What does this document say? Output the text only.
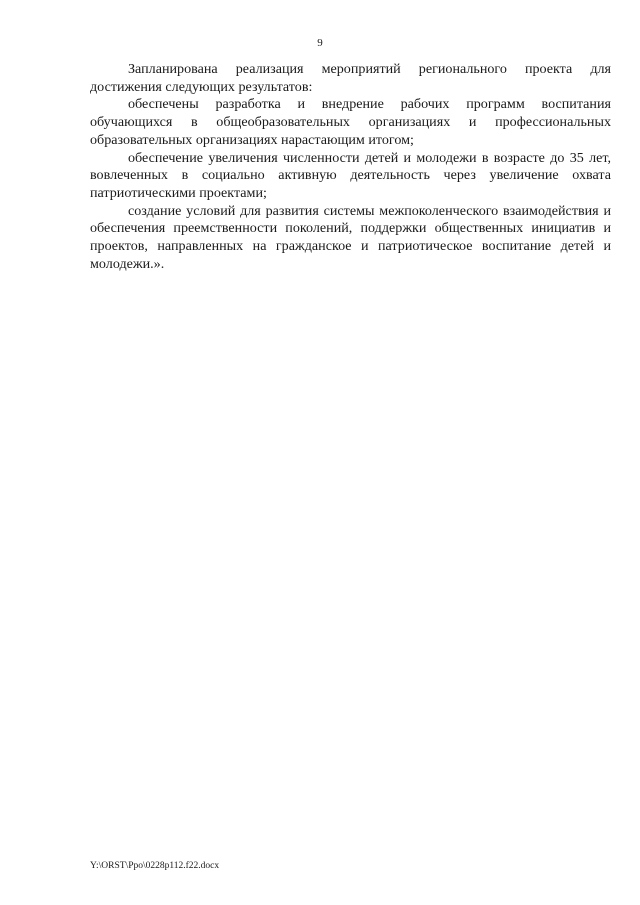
9

Запланирована реализация мероприятий регионального проекта для достижения следующих результатов:

обеспечены разработка и внедрение рабочих программ воспитания обучающихся в общеобразовательных организациях и профессиональных образовательных организациях нарастающим итогом;

обеспечение увеличения численности детей и молодежи в возрасте до 35 лет, вовлеченных в социально активную деятельность через увеличение охвата патриотическими проектами;

создание условий для развития системы межпоколенческого взаимодействия и обеспечения преемственности поколений, поддержки общественных инициатив и проектов, направленных на гражданское и патриотическое воспитание детей и молодежи.».

Y:\ORST\Ppo\0228p112.f22.docx
